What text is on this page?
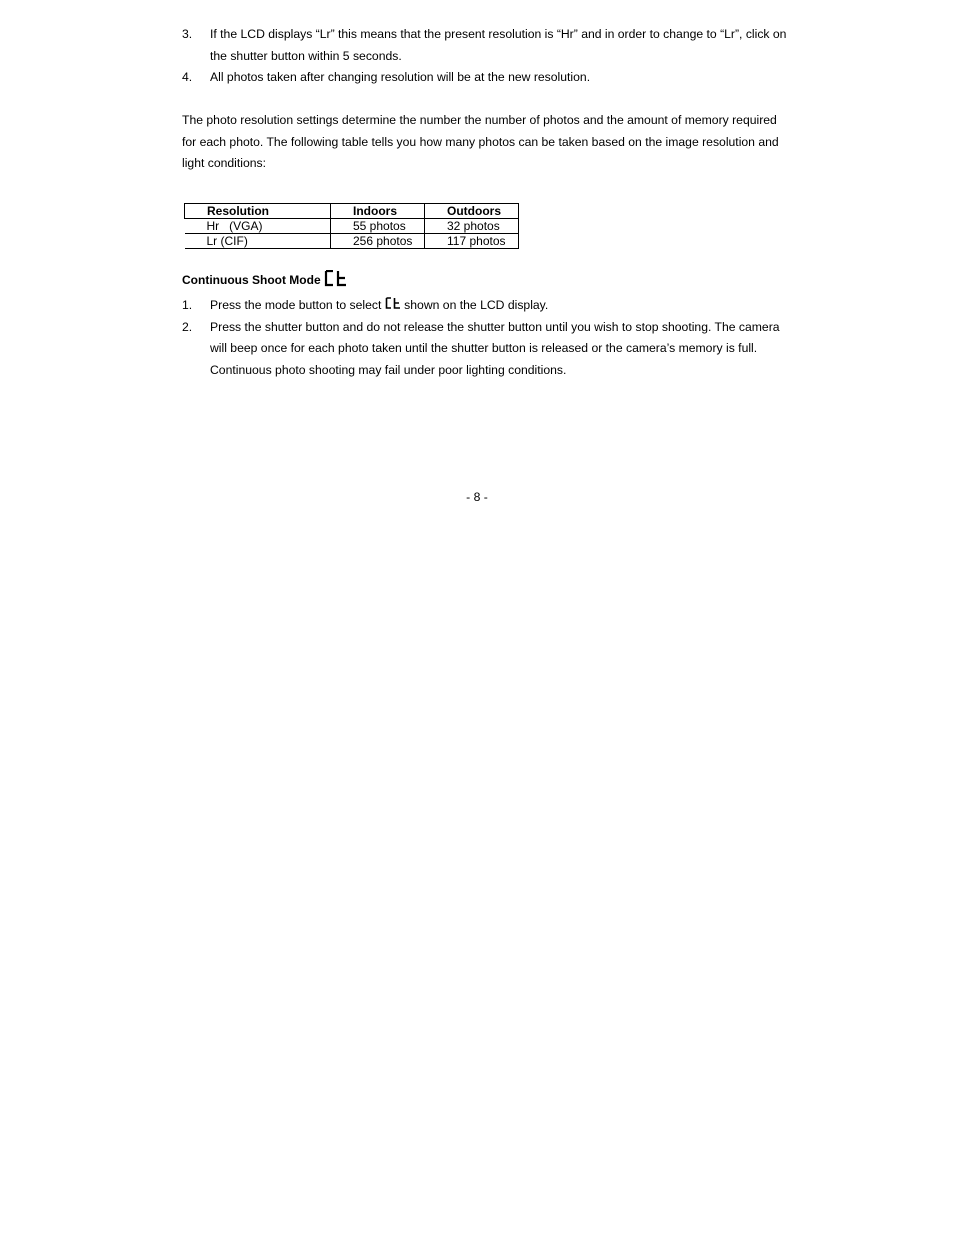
3. If the LCD displays “Lr” this means that the present resolution is “Hr” and in order to change to “Lr”, click on the shutter button within 5 seconds.
4. All photos taken after changing resolution will be at the new resolution.

The photo resolution settings determine the number the number of photos and the amount of memory required for each photo. The following table tells you how many photos can be taken based on the image resolution and light conditions:

Resolution	Indoors	Outdoors
Hr   (VGA)	55 photos	32 photos
Lr (CIF)	256 photos	117 photos
Continuous Shoot Mode
1. Press the mode button to select  shown on the LCD display.
2. Press the shutter button and do not release the shutter button until you wish to stop shooting. The camera will beep once for each photo taken until the shutter button is released or the camera’s memory is full. Continuous photo shooting may fail under poor lighting conditions.
- 8 -
